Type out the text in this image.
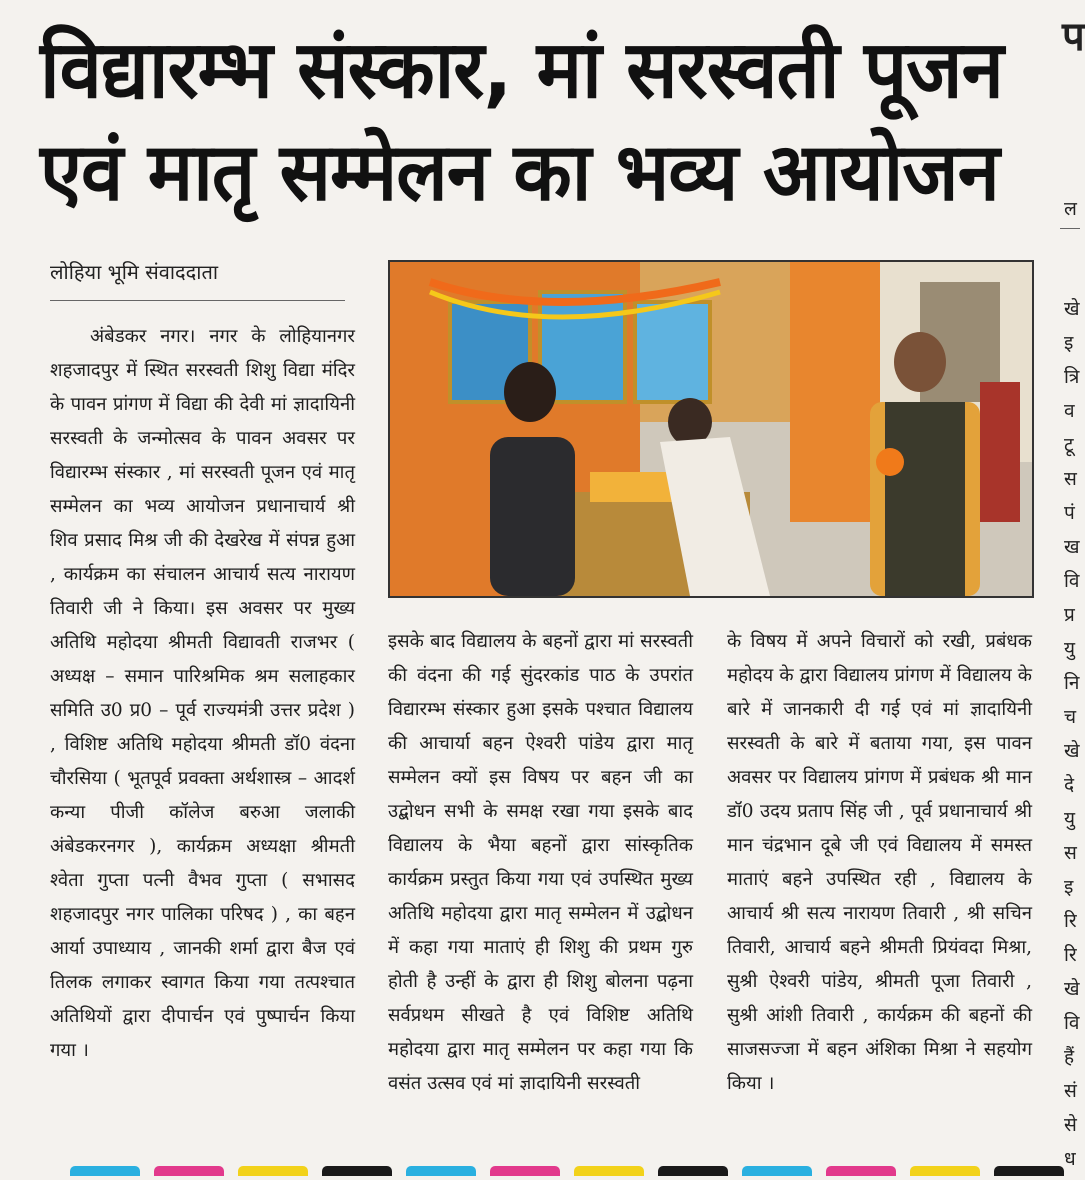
विद्यारम्भ संस्कार, मां सरस्वती पूजन
एवं मातृ सम्मेलन का भव्य आयोजन
लोहिया भूमि संवाददाता
अंबेडकर नगर। नगर के लोहियानगर शहजादपुर में स्थित सरस्वती शिशु विद्या मंदिर के पावन प्रांगण में विद्या की देवी मां ज्ञादायिनी सरस्वती के जन्मोत्सव के पावन अवसर पर विद्यारम्भ संस्कार , मां सरस्वती पूजन एवं मातृ सम्मेलन का भव्य आयोजन प्रधानाचार्य श्री शिव प्रसाद मिश्र जी की देखरेख में संपन्न हुआ , कार्यक्रम का संचालन आचार्य सत्य नारायण तिवारी जी ने किया। इस अवसर पर मुख्य अतिथि महोदया श्रीमती विद्यावती राजभर ( अध्यक्ष – समान पारिश्रमिक श्रम सलाहकार समिति उ0 प्र0 – पूर्व राज्यमंत्री उत्तर प्रदेश ) , विशिष्ट अतिथि महोदया श्रीमती डॉ0 वंदना चौरसिया ( भूतपूर्व प्रवक्ता अर्थशास्त्र – आदर्श कन्या पीजी कॉलेज बरुआ जलाकी अंबेडकरनगर ), कार्यक्रम अध्यक्षा श्रीमती श्वेता गुप्ता पत्नी वैभव गुप्ता ( सभासद शहजादपुर नगर पालिका परिषद ) , का बहन आर्या उपाध्याय , जानकी शर्मा द्वारा बैज एवं तिलक लगाकर स्वागत किया गया तत्पश्चात अतिथियों द्वारा दीपार्चन एवं पुष्पार्चन किया गया ।
इसके बाद विद्यालय के बहनों द्वारा मां सरस्वती की वंदना की गई सुंदरकांड पाठ के उपरांत विद्यारम्भ संस्कार हुआ इसके पश्चात विद्यालय की आचार्या बहन ऐश्वरी पांडेय द्वारा मातृ सम्मेलन क्यों इस विषय पर बहन जी का उद्बोधन सभी के समक्ष रखा गया इसके बाद विद्यालय के भैया बहनों द्वारा सांस्कृतिक कार्यक्रम प्रस्तुत किया गया एवं उपस्थित मुख्य अतिथि महोदया द्वारा मातृ सम्मेलन में उद्बोधन में कहा गया माताएं ही शिशु की प्रथम गुरु होती है उन्हीं के द्वारा ही शिशु बोलना पढ़ना सर्वप्रथम सीखते है एवं विशिष्ट अतिथि महोदया द्वारा मातृ सम्मेलन पर कहा गया कि वसंत उत्सव एवं मां ज्ञादायिनी सरस्वती
के विषय में अपने विचारों को रखी, प्रबंधक महोदय के द्वारा विद्यालय प्रांगण में विद्यालय के बारे में जानकारी दी गई एवं मां ज्ञादायिनी सरस्वती के बारे में बताया गया, इस पावन अवसर पर विद्यालय प्रांगण में प्रबंधक श्री मान डॉ0 उदय प्रताप सिंह जी , पूर्व प्रधानाचार्य श्री मान चंद्रभान दूबे जी एवं विद्यालय में समस्त माताएं बहने उपस्थित रही , विद्यालय के आचार्य श्री सत्य नारायण तिवारी , श्री सचिन तिवारी, आचार्य बहने श्रीमती प्रियंवदा मिश्रा, सुश्री ऐश्वरी पांडेय, श्रीमती पूजा तिवारी , सुश्री आंशी तिवारी , कार्यक्रम की बहनों की साजसज्जा में बहन अंशिका मिश्रा ने सहयोग किया ।
प
ल
खे
इ
त्रि
व
टू
स
पं
ख
वि
प्र
यु
नि
च
खे
दे
यु
स
इ
रि
रि
खे
वि
हैं
सं
से
ध
